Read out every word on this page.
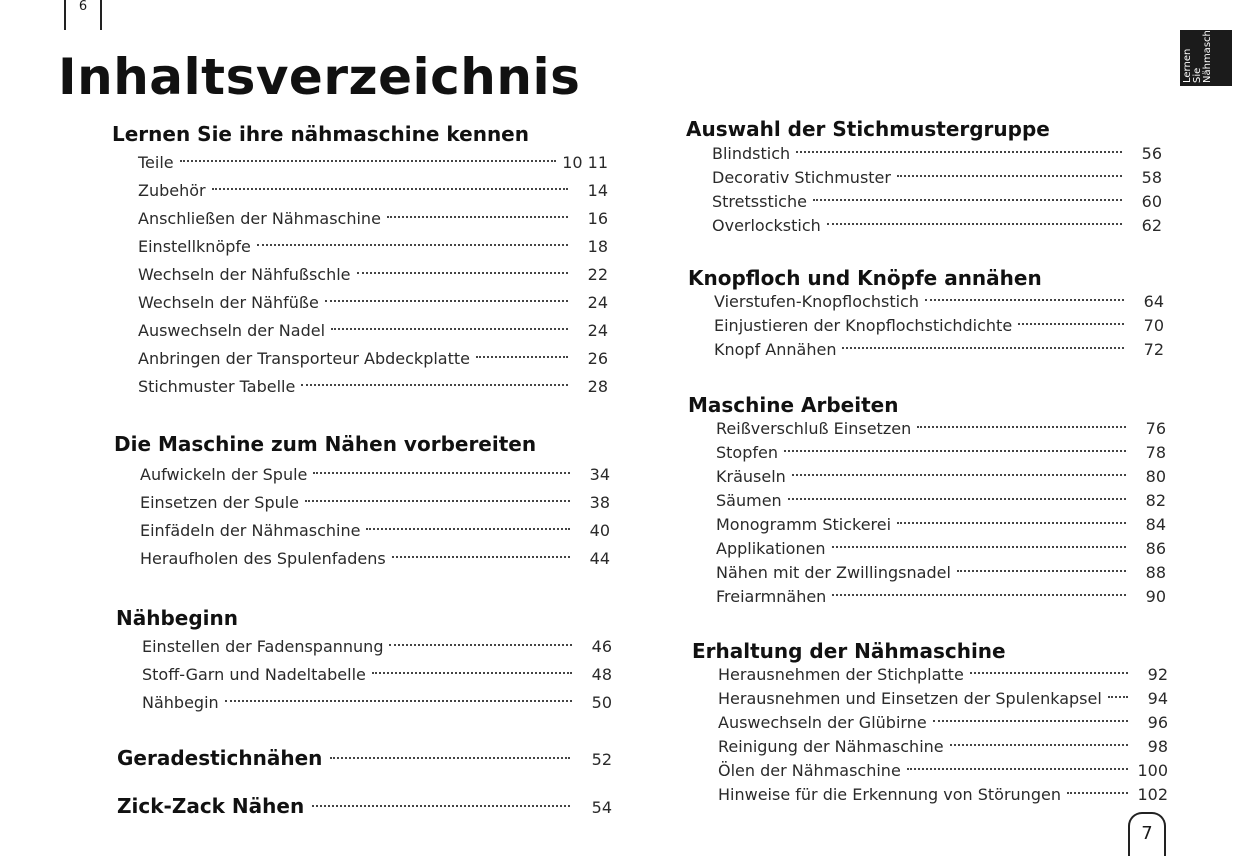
6
Inhaltsverzeichnis	Lernen Sie Nähmasch
Lernen Sie ihre nähmaschine kennen
Teile	10 11
Zubehör	14
Anschließen der Nähmaschine	16
Einstellknöpfe	18
Wechseln der Nähfußschle	22
Wechseln der Nähfüße	24
Auswechseln der Nadel	24
Anbringen der Transporteur Abdeckplatte	26
Stichmuster Tabelle	28
Die Maschine zum Nähen vorbereiten
Aufwickeln der Spule	34
Einsetzen der Spule	38
Einfädeln der Nähmaschine	40
Heraufholen des Spulenfadens	44
Nähbeginn
Einstellen der Fadenspannung	46
Stoff-Garn und Nadeltabelle	48
Nähbegin	50
Geradestichnähen	52
Zick-Zack Nähen	54
Auswahl der Stichmustergruppe
Blindstich	56
Decorativ Stichmuster	58
Stretsstiche	60
Overlockstich	62
Knopfloch und Knöpfe annähen
Vierstufen-Knopflochstich	64
Einjustieren der Knopflochstichdichte	70
Knopf Annähen	72
Maschine Arbeiten
Reißverschluß Einsetzen	76
Stopfen	78
Kräuseln	80
Säumen	82
Monogramm Stickerei	84
Applikationen	86
Nähen mit der Zwillingsnadel	88
Freiarmnähen	90
Erhaltung der Nähmaschine
Herausnehmen der Stichplatte	92
Herausnehmen und Einsetzen der Spulenkapsel	94
Auswechseln der Glübirne	96
Reinigung der Nähmaschine	98
Ölen der Nähmaschine	100
Hinweise für die Erkennung von Störungen	102
7
